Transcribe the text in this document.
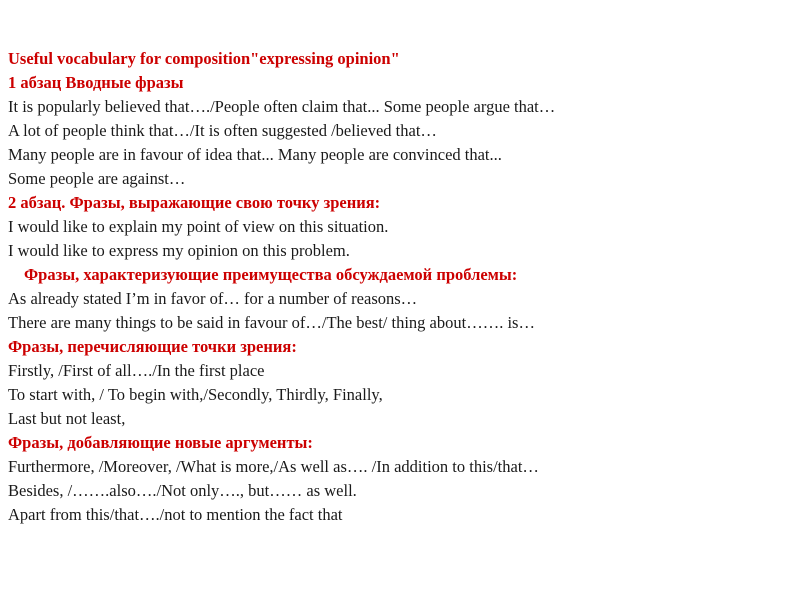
Useful vocabulary for composition"expressing opinion"
1 абзац Вводные фразы
It is popularly believed that…./People often claim that... Some people argue that…
A lot of people think that…/It is often suggested /believed that…
Many people are in favour of idea that... Many people are convinced that...
Some people are against…
2 абзац. Фразы, выражающие свою точку зрения:
I would like to explain my point of view on this situation.
I would like to express my opinion on this problem.
Фразы, характеризующие преимущества обсуждаемой проблемы:
As already stated I’m in favor of… for a number of reasons…
There are many things to be said in favour of…/The best/ thing about……. is…
Фразы, перечисляющие точки зрения:
Firstly, /First of all…./In the first place
To start with, / To begin with,/Secondly, Thirdly, Finally,
Last but not least,
Фразы, добавляющие новые аргументы:
Furthermore, /Moreover, /What is more,/As well as…. /In addition to this/that…
Besides, /…….also…./Not only…., but…… as well.
Apart from this/that…./not to mention the fact that
